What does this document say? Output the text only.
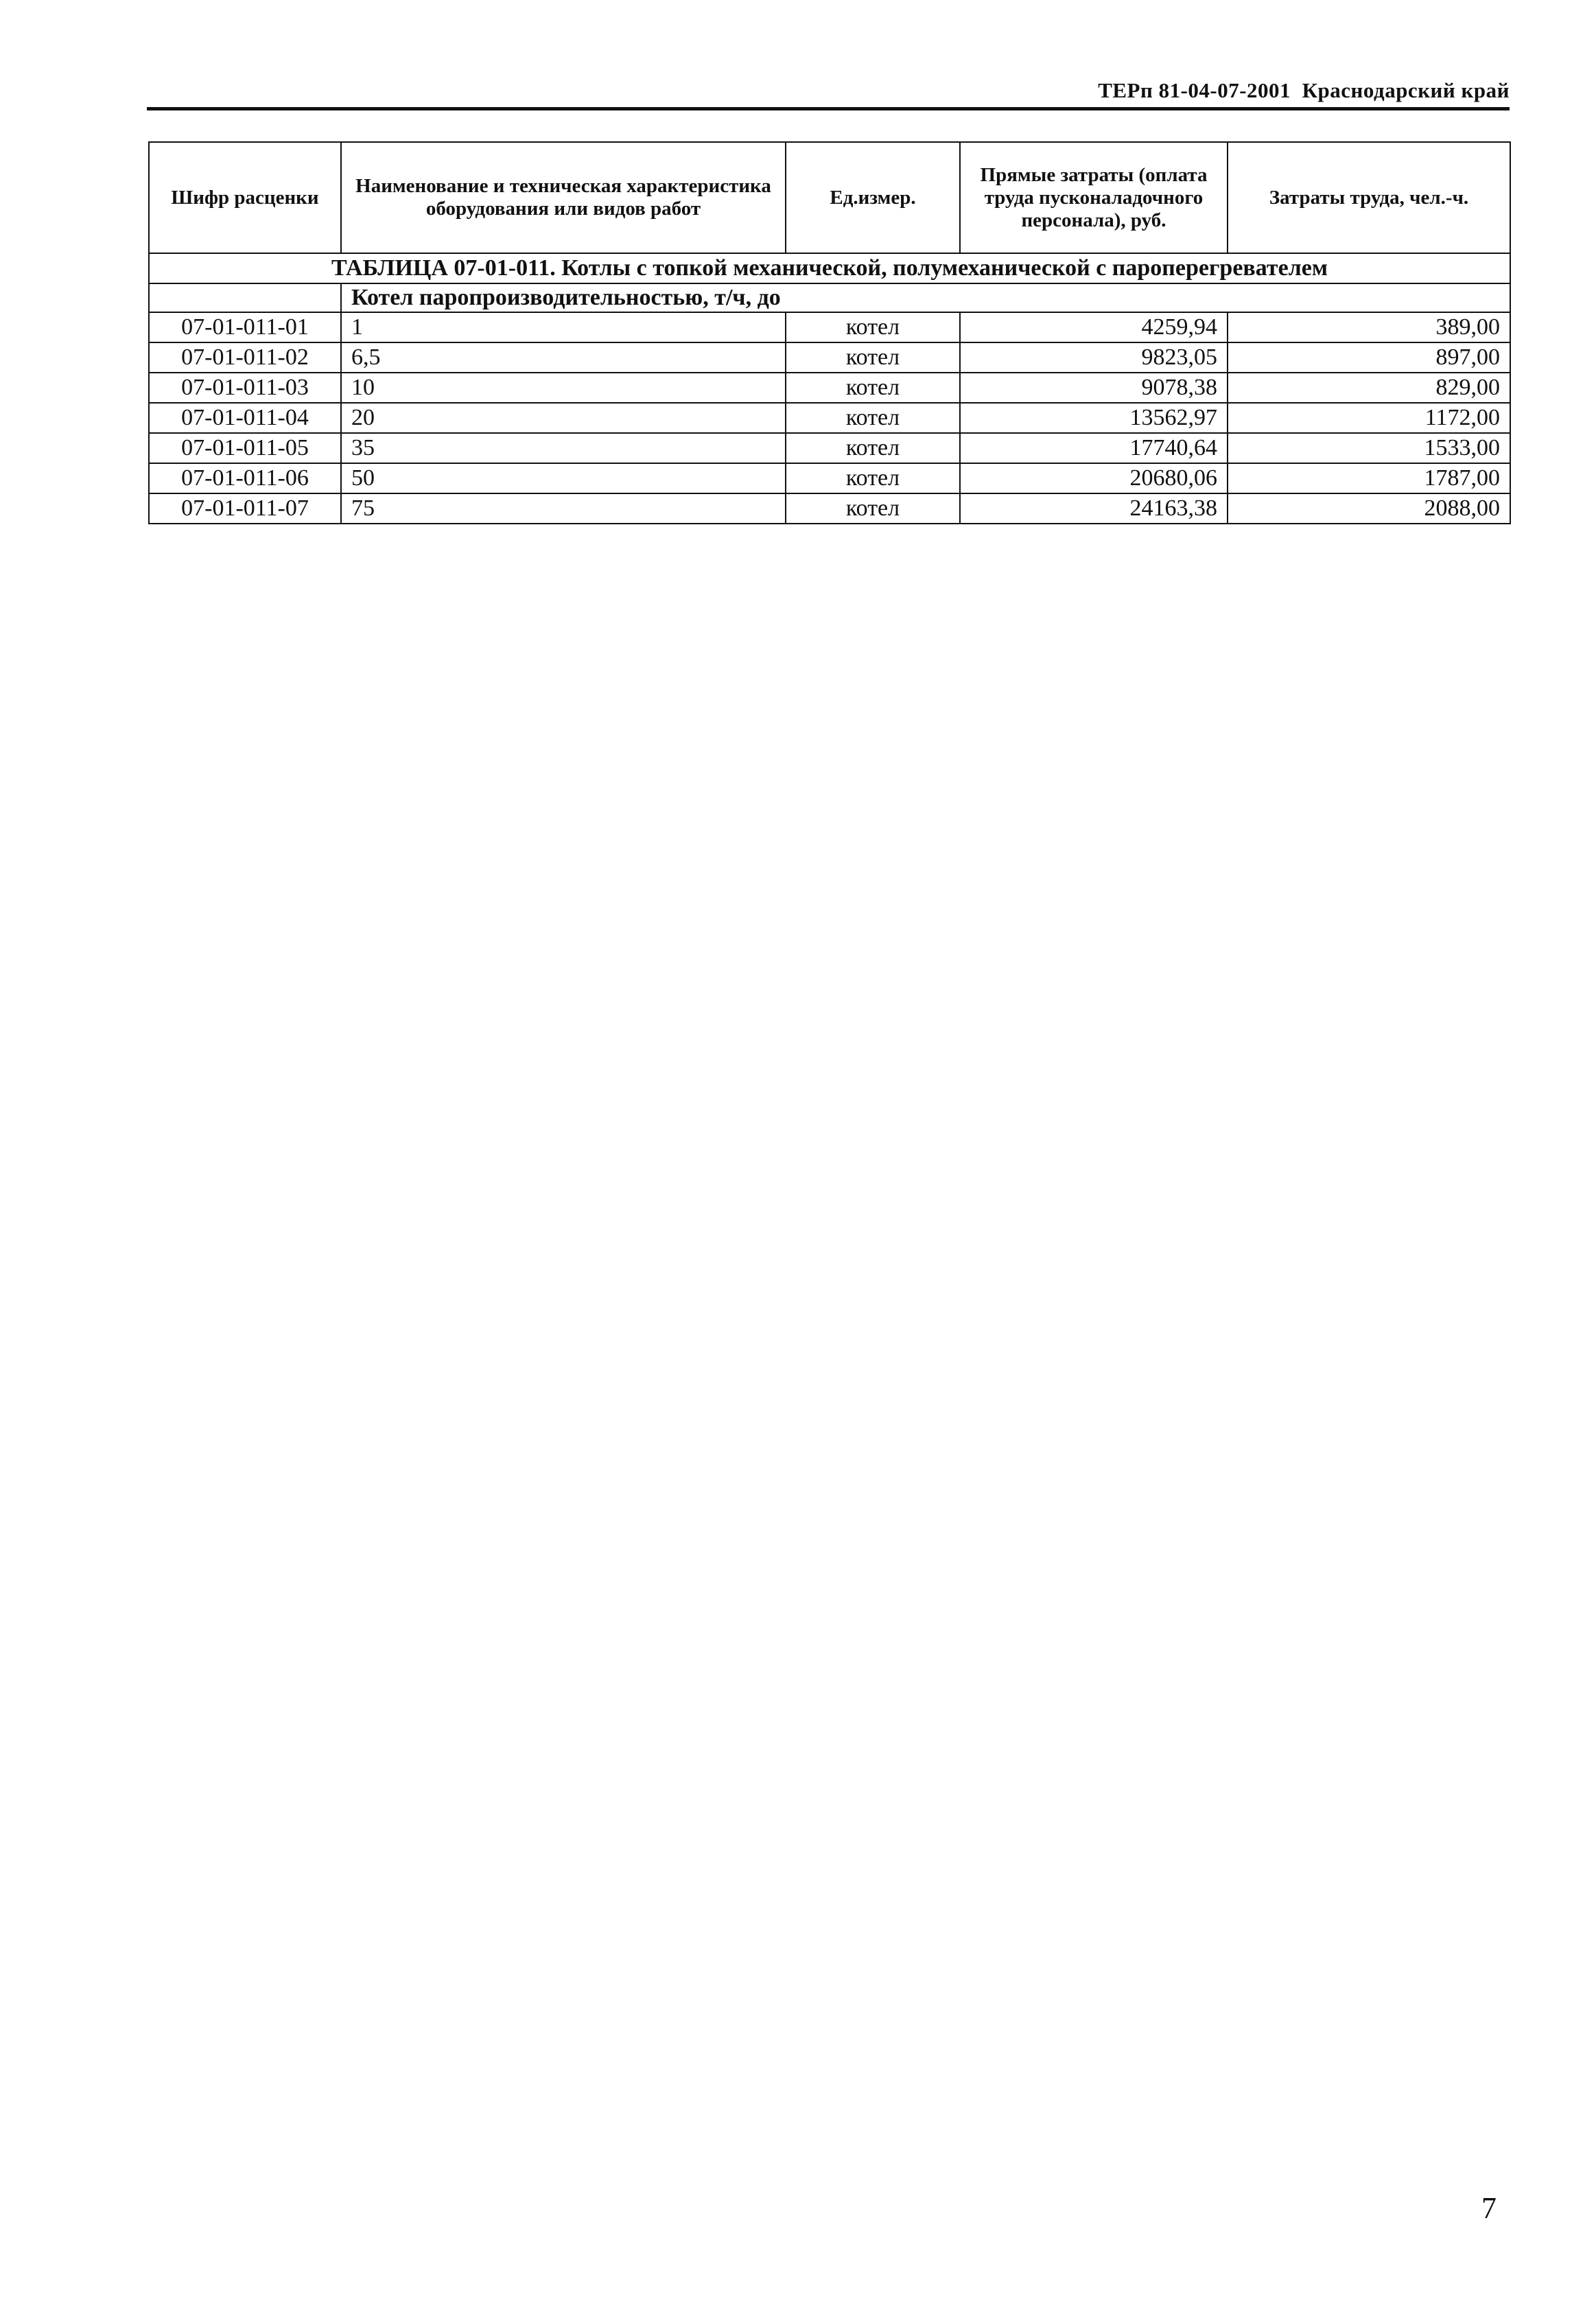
ТЕРп 81-04-07-2001 Краснодарский край
Шифр расценки	Наименование и техническая характеристика оборудования или видов работ	Ед.измер.	Прямые затраты (оплата труда пусконаладочного персонала), руб.	Затраты труда, чел.-ч.
ТАБЛИЦА 07-01-011. Котлы с топкой механической, полумеханической с пароперегревателем				
	Котел паропроизводительностью, т/ч, до			
07-01-011-01	1	котел	4259,94	389,00
07-01-011-02	6,5	котел	9823,05	897,00
07-01-011-03	10	котел	9078,38	829,00
07-01-011-04	20	котел	13562,97	1172,00
07-01-011-05	35	котел	17740,64	1533,00
07-01-011-06	50	котел	20680,06	1787,00
07-01-011-07	75	котел	24163,38	2088,00
7
